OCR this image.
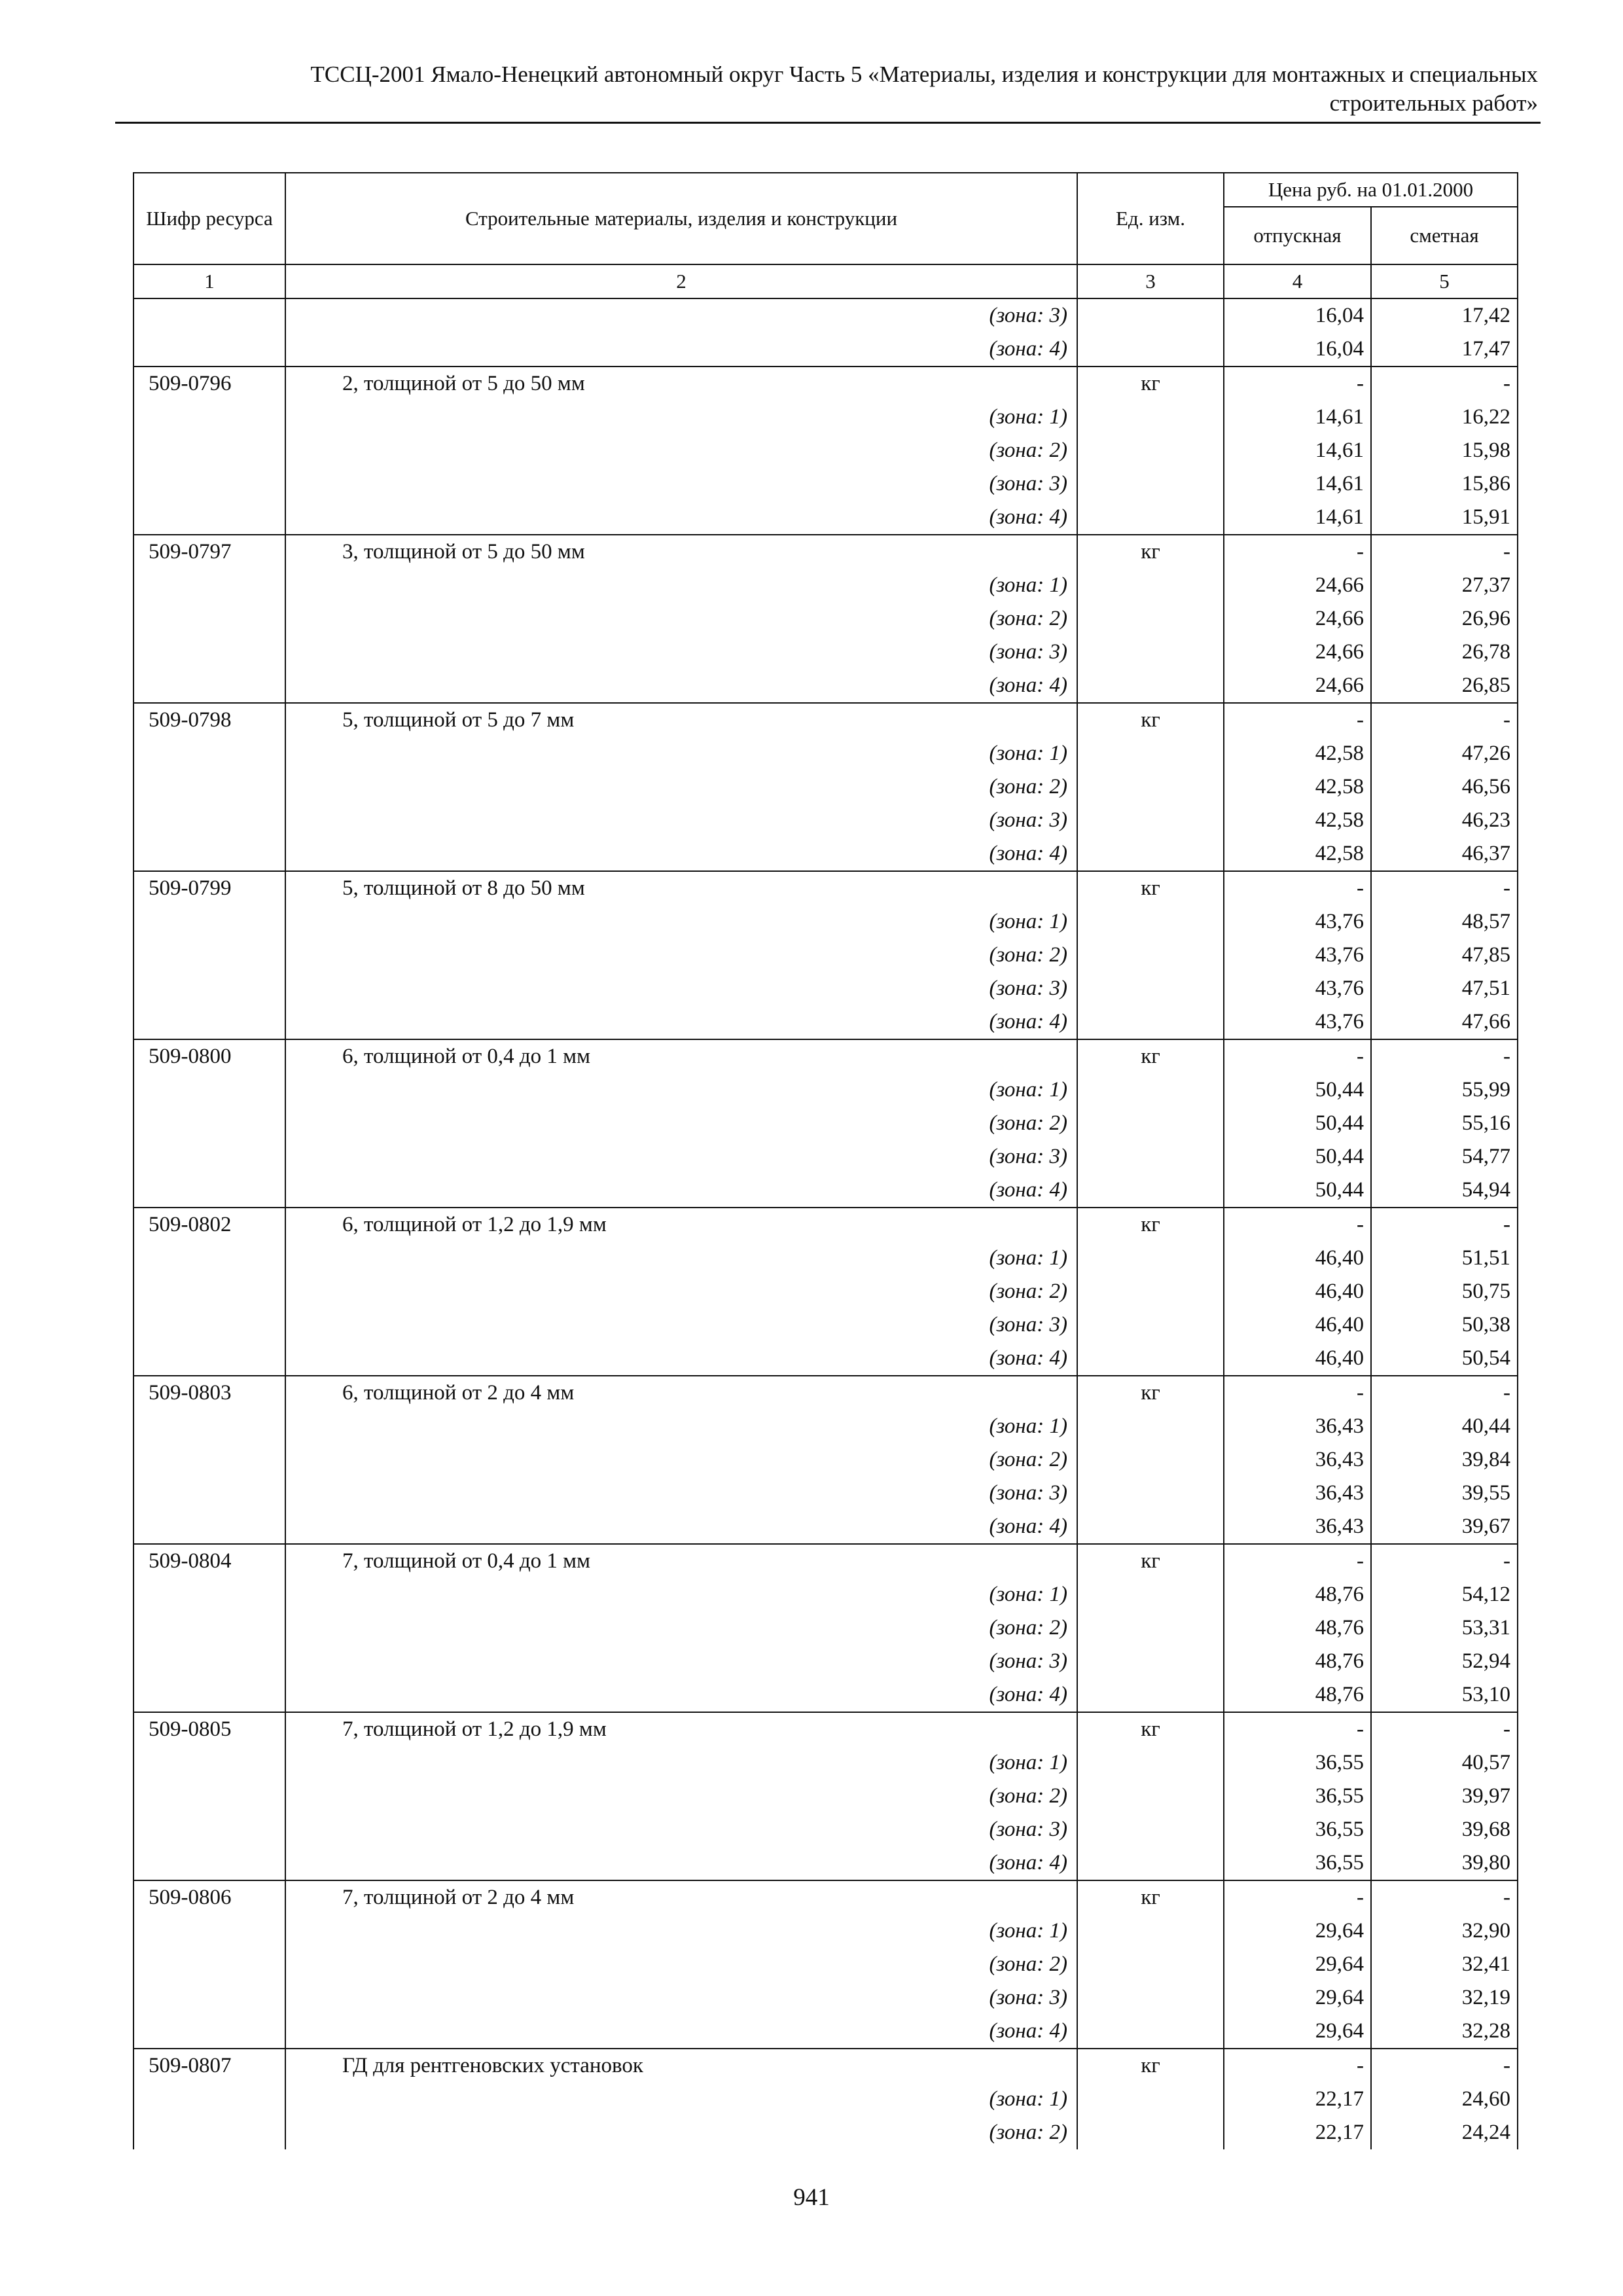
ТССЦ-2001 Ямало-Ненецкий автономный округ Часть 5 «Материалы, изделия и конструкции для монтажных и специальных
строительных работ»
Шифр ресурса	Строительные материалы, изделия и конструкции	Ед. изм.	Цена руб. на 01.01.2000	
			отпускная	сметная
1	2	3	4	5
	(зона: 3)		16,04	17,42
	(зона: 4)		16,04	17,47
509-0796	2, толщиной от 5 до 50 мм	кг	-	-
	(зона: 1)		14,61	16,22
	(зона: 2)		14,61	15,98
	(зона: 3)		14,61	15,86
	(зона: 4)		14,61	15,91
509-0797	3, толщиной от 5 до 50 мм	кг	-	-
	(зона: 1)		24,66	27,37
	(зона: 2)		24,66	26,96
	(зона: 3)		24,66	26,78
	(зона: 4)		24,66	26,85
509-0798	5, толщиной от 5 до 7 мм	кг	-	-
	(зона: 1)		42,58	47,26
	(зона: 2)		42,58	46,56
	(зона: 3)		42,58	46,23
	(зона: 4)		42,58	46,37
509-0799	5, толщиной от 8 до 50 мм	кг	-	-
	(зона: 1)		43,76	48,57
	(зона: 2)		43,76	47,85
	(зона: 3)		43,76	47,51
	(зона: 4)		43,76	47,66
509-0800	6, толщиной от 0,4 до 1 мм	кг	-	-
	(зона: 1)		50,44	55,99
	(зона: 2)		50,44	55,16
	(зона: 3)		50,44	54,77
	(зона: 4)		50,44	54,94
509-0802	6, толщиной от 1,2 до 1,9 мм	кг	-	-
	(зона: 1)		46,40	51,51
	(зона: 2)		46,40	50,75
	(зона: 3)		46,40	50,38
	(зона: 4)		46,40	50,54
509-0803	6, толщиной от 2 до 4 мм	кг	-	-
	(зона: 1)		36,43	40,44
	(зона: 2)		36,43	39,84
	(зона: 3)		36,43	39,55
	(зона: 4)		36,43	39,67
509-0804	7, толщиной от 0,4 до 1 мм	кг	-	-
	(зона: 1)		48,76	54,12
	(зона: 2)		48,76	53,31
	(зона: 3)		48,76	52,94
	(зона: 4)		48,76	53,10
509-0805	7, толщиной от 1,2 до 1,9 мм	кг	-	-
	(зона: 1)		36,55	40,57
	(зона: 2)		36,55	39,97
	(зона: 3)		36,55	39,68
	(зона: 4)		36,55	39,80
509-0806	7, толщиной от 2 до 4 мм	кг	-	-
	(зона: 1)		29,64	32,90
	(зона: 2)		29,64	32,41
	(зона: 3)		29,64	32,19
	(зона: 4)		29,64	32,28
509-0807	ГД для рентгеновских установок	кг	-	-
	(зона: 1)		22,17	24,60
	(зона: 2)		22,17	24,24
941
